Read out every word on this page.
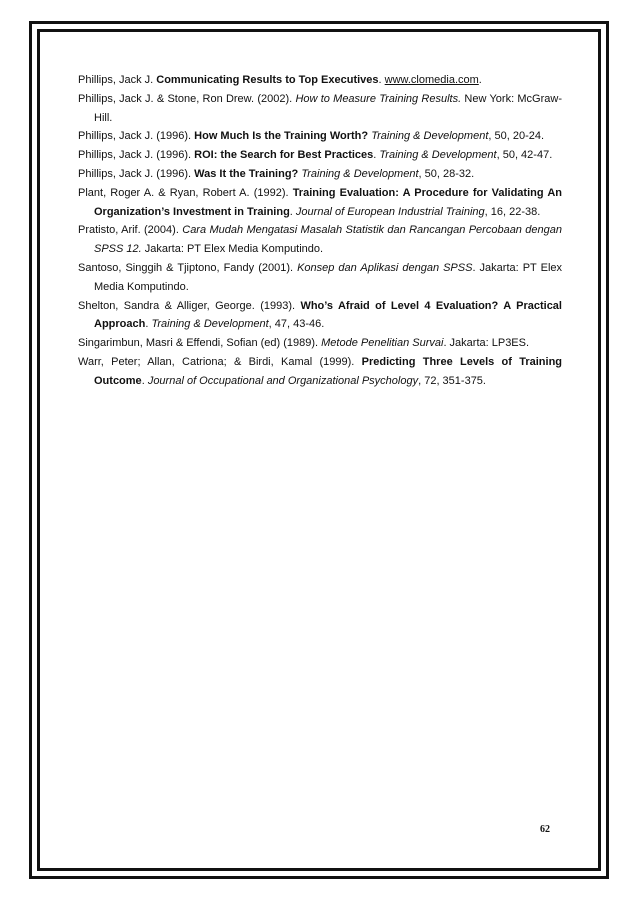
Phillips, Jack J. Communicating Results to Top Executives. www.clomedia.com.

Phillips, Jack J. & Stone, Ron Drew. (2002). How to Measure Training Results. New York: McGraw-Hill.

Phillips, Jack J. (1996). How Much Is the Training Worth? Training & Development, 50, 20-24.

Phillips, Jack J. (1996). ROI: the Search for Best Practices. Training & Development, 50, 42-47.

Phillips, Jack J. (1996). Was It the Training? Training & Development, 50, 28-32.

Plant, Roger A. & Ryan, Robert A. (1992). Training Evaluation: A Procedure for Validating An Organization’s Investment in Training. Journal of European Industrial Training, 16, 22-38.

Pratisto, Arif. (2004). Cara Mudah Mengatasi Masalah Statistik dan Rancangan Percobaan dengan SPSS 12. Jakarta: PT Elex Media Komputindo.

Santoso, Singgih & Tjiptono, Fandy (2001). Konsep dan Aplikasi dengan SPSS. Jakarta: PT Elex Media Komputindo.

Shelton, Sandra & Alliger, George. (1993). Who’s Afraid of Level 4 Evaluation? A Practical Approach. Training & Development, 47, 43-46.

Singarimbun, Masri & Effendi, Sofian (ed) (1989). Metode Penelitian Survai. Jakarta: LP3ES.

Warr, Peter; Allan, Catriona; & Birdi, Kamal (1999). Predicting Three Levels of Training Outcome. Journal of Occupational and Organizational Psychology, 72, 351-375.

62
